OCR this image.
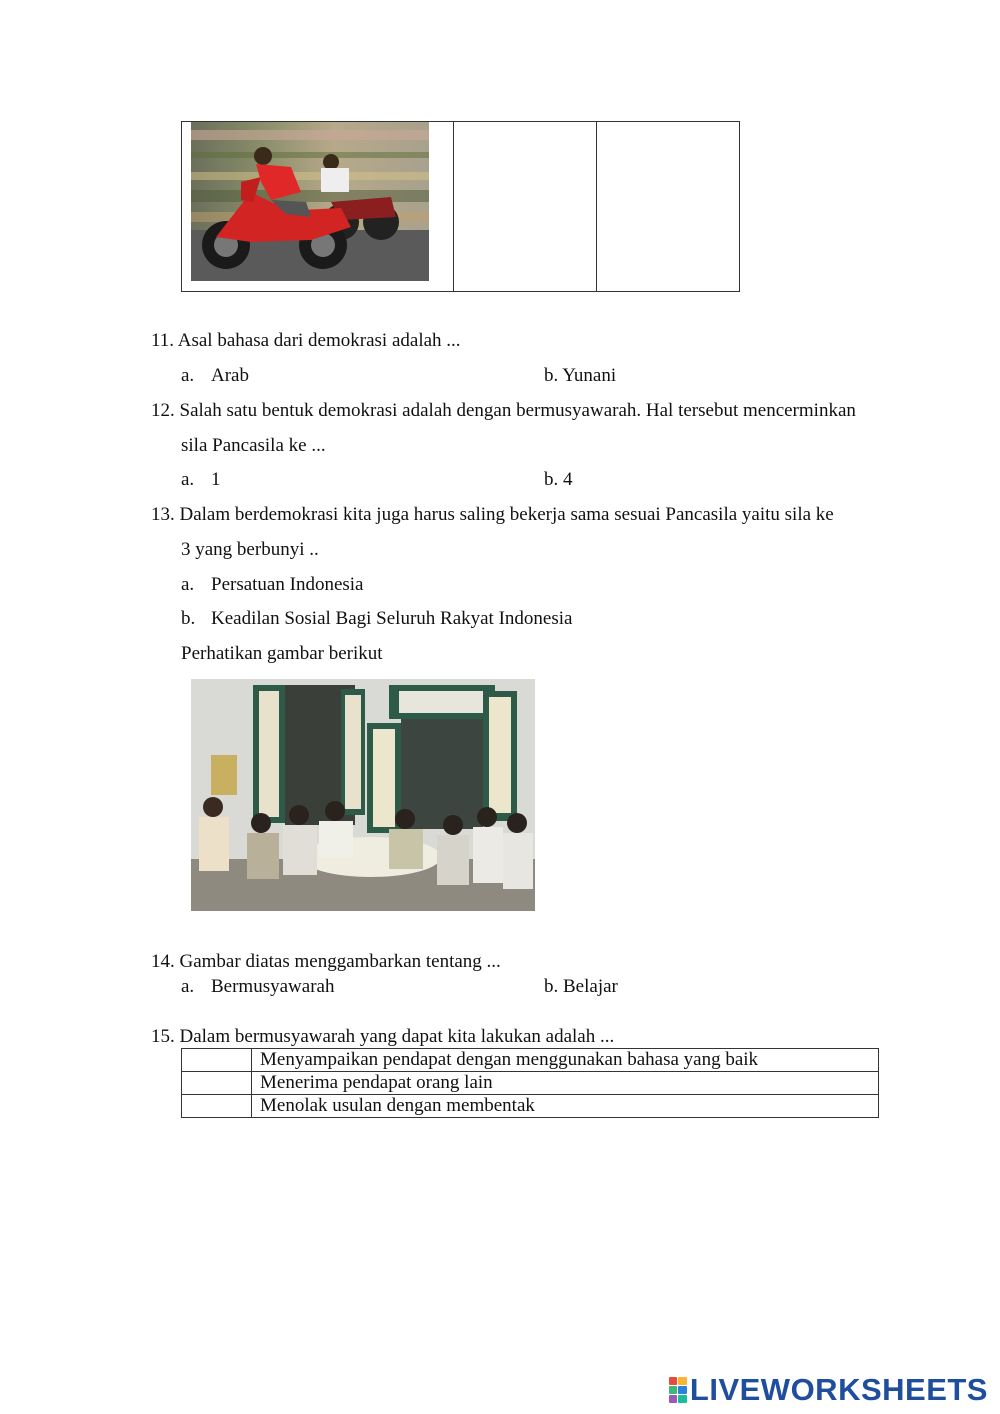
11. Asal bahasa dari demokrasi adalah ...
a. Arab	b. Yunani
12. Salah satu bentuk demokrasi adalah dengan bermusyawarah. Hal tersebut mencerminkan
sila Pancasila ke ...
a. 1	b. 4
13. Dalam berdemokrasi kita juga harus saling bekerja sama sesuai Pancasila yaitu sila ke
3 yang berbunyi ..
a. Persatuan Indonesia
b. Keadilan Sosial Bagi Seluruh Rakyat Indonesia
Perhatikan gambar berikut
14. Gambar diatas menggambarkan tentang ...
a. Bermusyawarah	b. Belajar
15. Dalam bermusyawarah yang dapat kita lakukan adalah ...
	Menyampaikan pendapat dengan menggunakan bahasa yang baik
	Menerima pendapat orang lain
	Menolak usulan dengan membentak
LIVEWORKSHEETS
